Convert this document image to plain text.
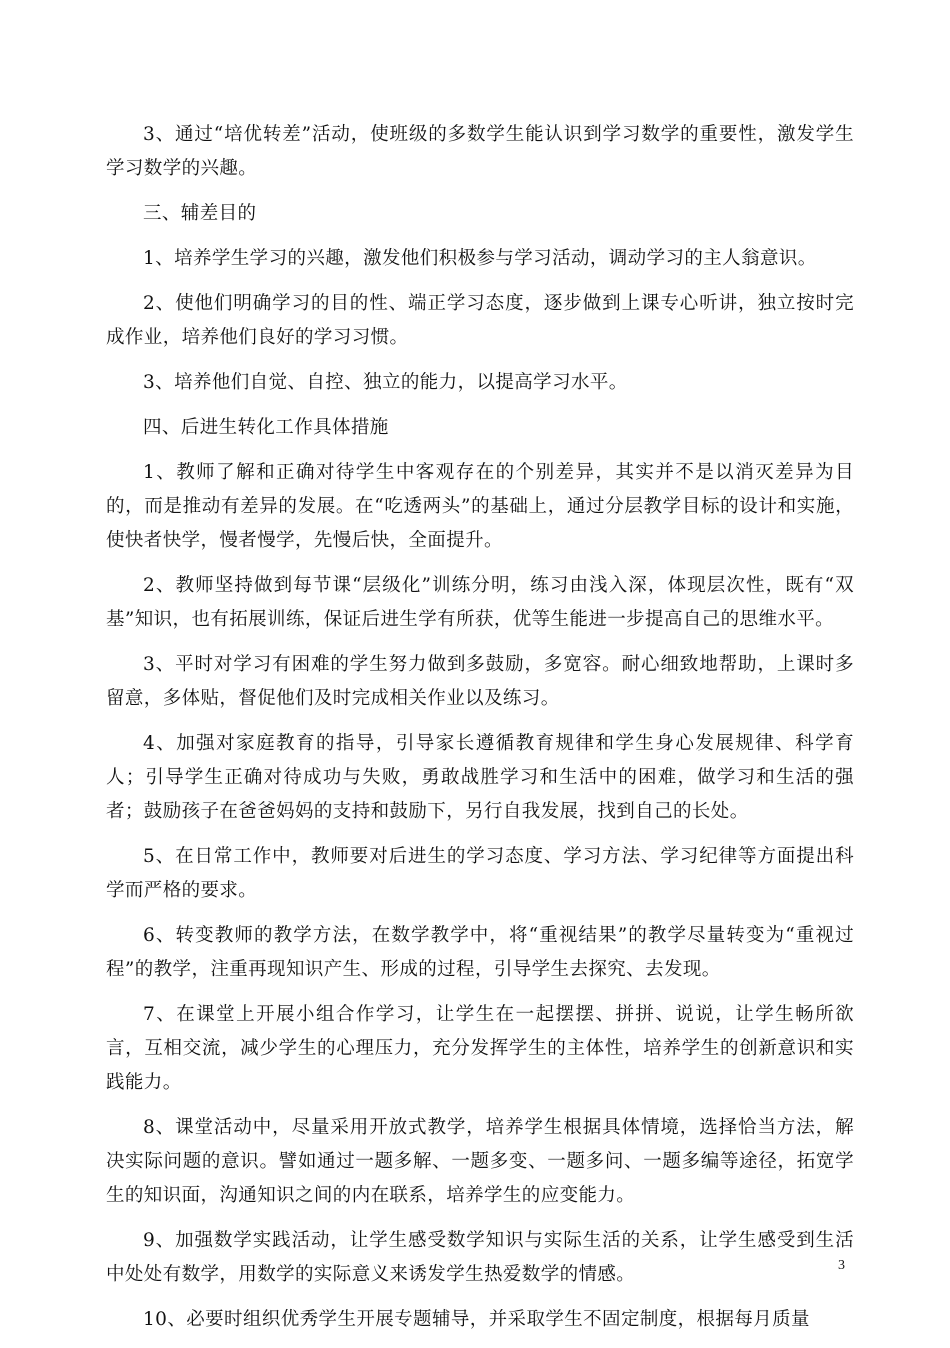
3、通过“培优转差”活动，使班级的多数学生能认识到学习数学的重要性，激发学生学习数学的兴趣。

三、辅差目的

1、培养学生学习的兴趣，激发他们积极参与学习活动，调动学习的主人翁意识。

2、使他们明确学习的目的性、端正学习态度，逐步做到上课专心听讲，独立按时完成作业，培养他们良好的学习习惯。

3、培养他们自觉、自控、独立的能力，以提高学习水平。

四、后进生转化工作具体措施

1、教师了解和正确对待学生中客观存在的个别差异，其实并不是以消灭差异为目的，而是推动有差异的发展。在“吃透两头”的基础上，通过分层教学目标的设计和实施，使快者快学，慢者慢学，先慢后快，全面提升。

2、教师坚持做到每节课“层级化”训练分明，练习由浅入深，体现层次性，既有“双基”知识，也有拓展训练，保证后进生学有所获，优等生能进一步提高自己的思维水平。

3、平时对学习有困难的学生努力做到多鼓励，多宽容。耐心细致地帮助，上课时多留意，多体贴，督促他们及时完成相关作业以及练习。

4、加强对家庭教育的指导，引导家长遵循教育规律和学生身心发展规律、科学育人；引导学生正确对待成功与失败，勇敢战胜学习和生活中的困难，做学习和生活的强者；鼓励孩子在爸爸妈妈的支持和鼓励下，另行自我发展，找到自己的长处。

5、在日常工作中，教师要对后进生的学习态度、学习方法、学习纪律等方面提出科学而严格的要求。

6、转变教师的教学方法，在数学教学中，将“重视结果”的教学尽量转变为“重视过程”的教学，注重再现知识产生、形成的过程，引导学生去探究、去发现。

7、在课堂上开展小组合作学习，让学生在一起摆摆、拼拼、说说，让学生畅所欲言，互相交流，减少学生的心理压力，充分发挥学生的主体性，培养学生的创新意识和实践能力。

8、课堂活动中，尽量采用开放式教学，培养学生根据具体情境，选择恰当方法，解决实际问题的意识。譬如通过一题多解、一题多变、一题多问、一题多编等途径，拓宽学生的知识面，沟通知识之间的内在联系，培养学生的应变能力。

9、加强数学实践活动，让学生感受数学知识与实际生活的关系，让学生感受到生活中处处有数学，用数学的实际意义来诱发学生热爱数学的情感。

10、必要时组织优秀学生开展专题辅导，并采取学生不固定制度，根据每月质量

3
